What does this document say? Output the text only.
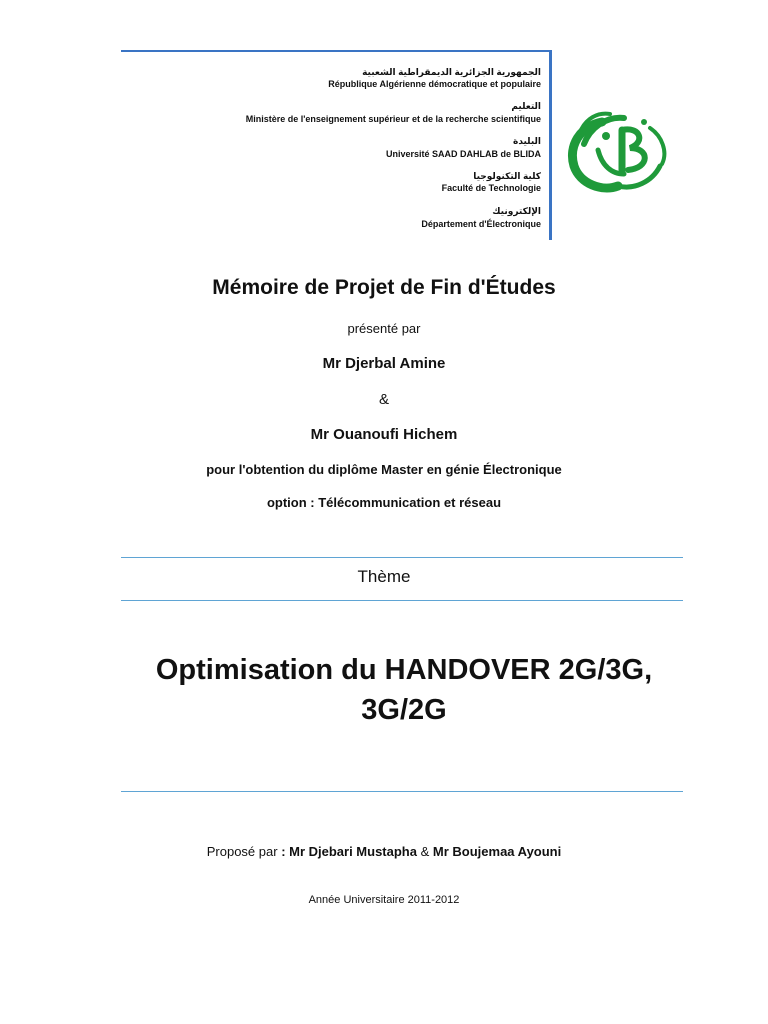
الجمهورية الجزائرية الديمقراطية الشعبية
République Algérienne démocratique et populaire
التعليم
Ministère de l'enseignement supérieur et de la recherche scientifique
البليدة
Université SAAD DAHLAB de BLIDA
كلية التكنولوجيا
Faculté de Technologie
الإلكترونيك
Département d'Électronique
Mémoire de Projet de Fin d'Études
présenté par
Mr Djerbal Amine
&
Mr Ouanoufi Hichem
pour l'obtention du diplôme Master en génie Électronique
option : Télécommunication et réseau
Thème
Optimisation du HANDOVER 2G/3G,
3G/2G
Proposé par : Mr Djebari Mustapha & Mr Boujemaa Ayouni
Année Universitaire 2011-2012
